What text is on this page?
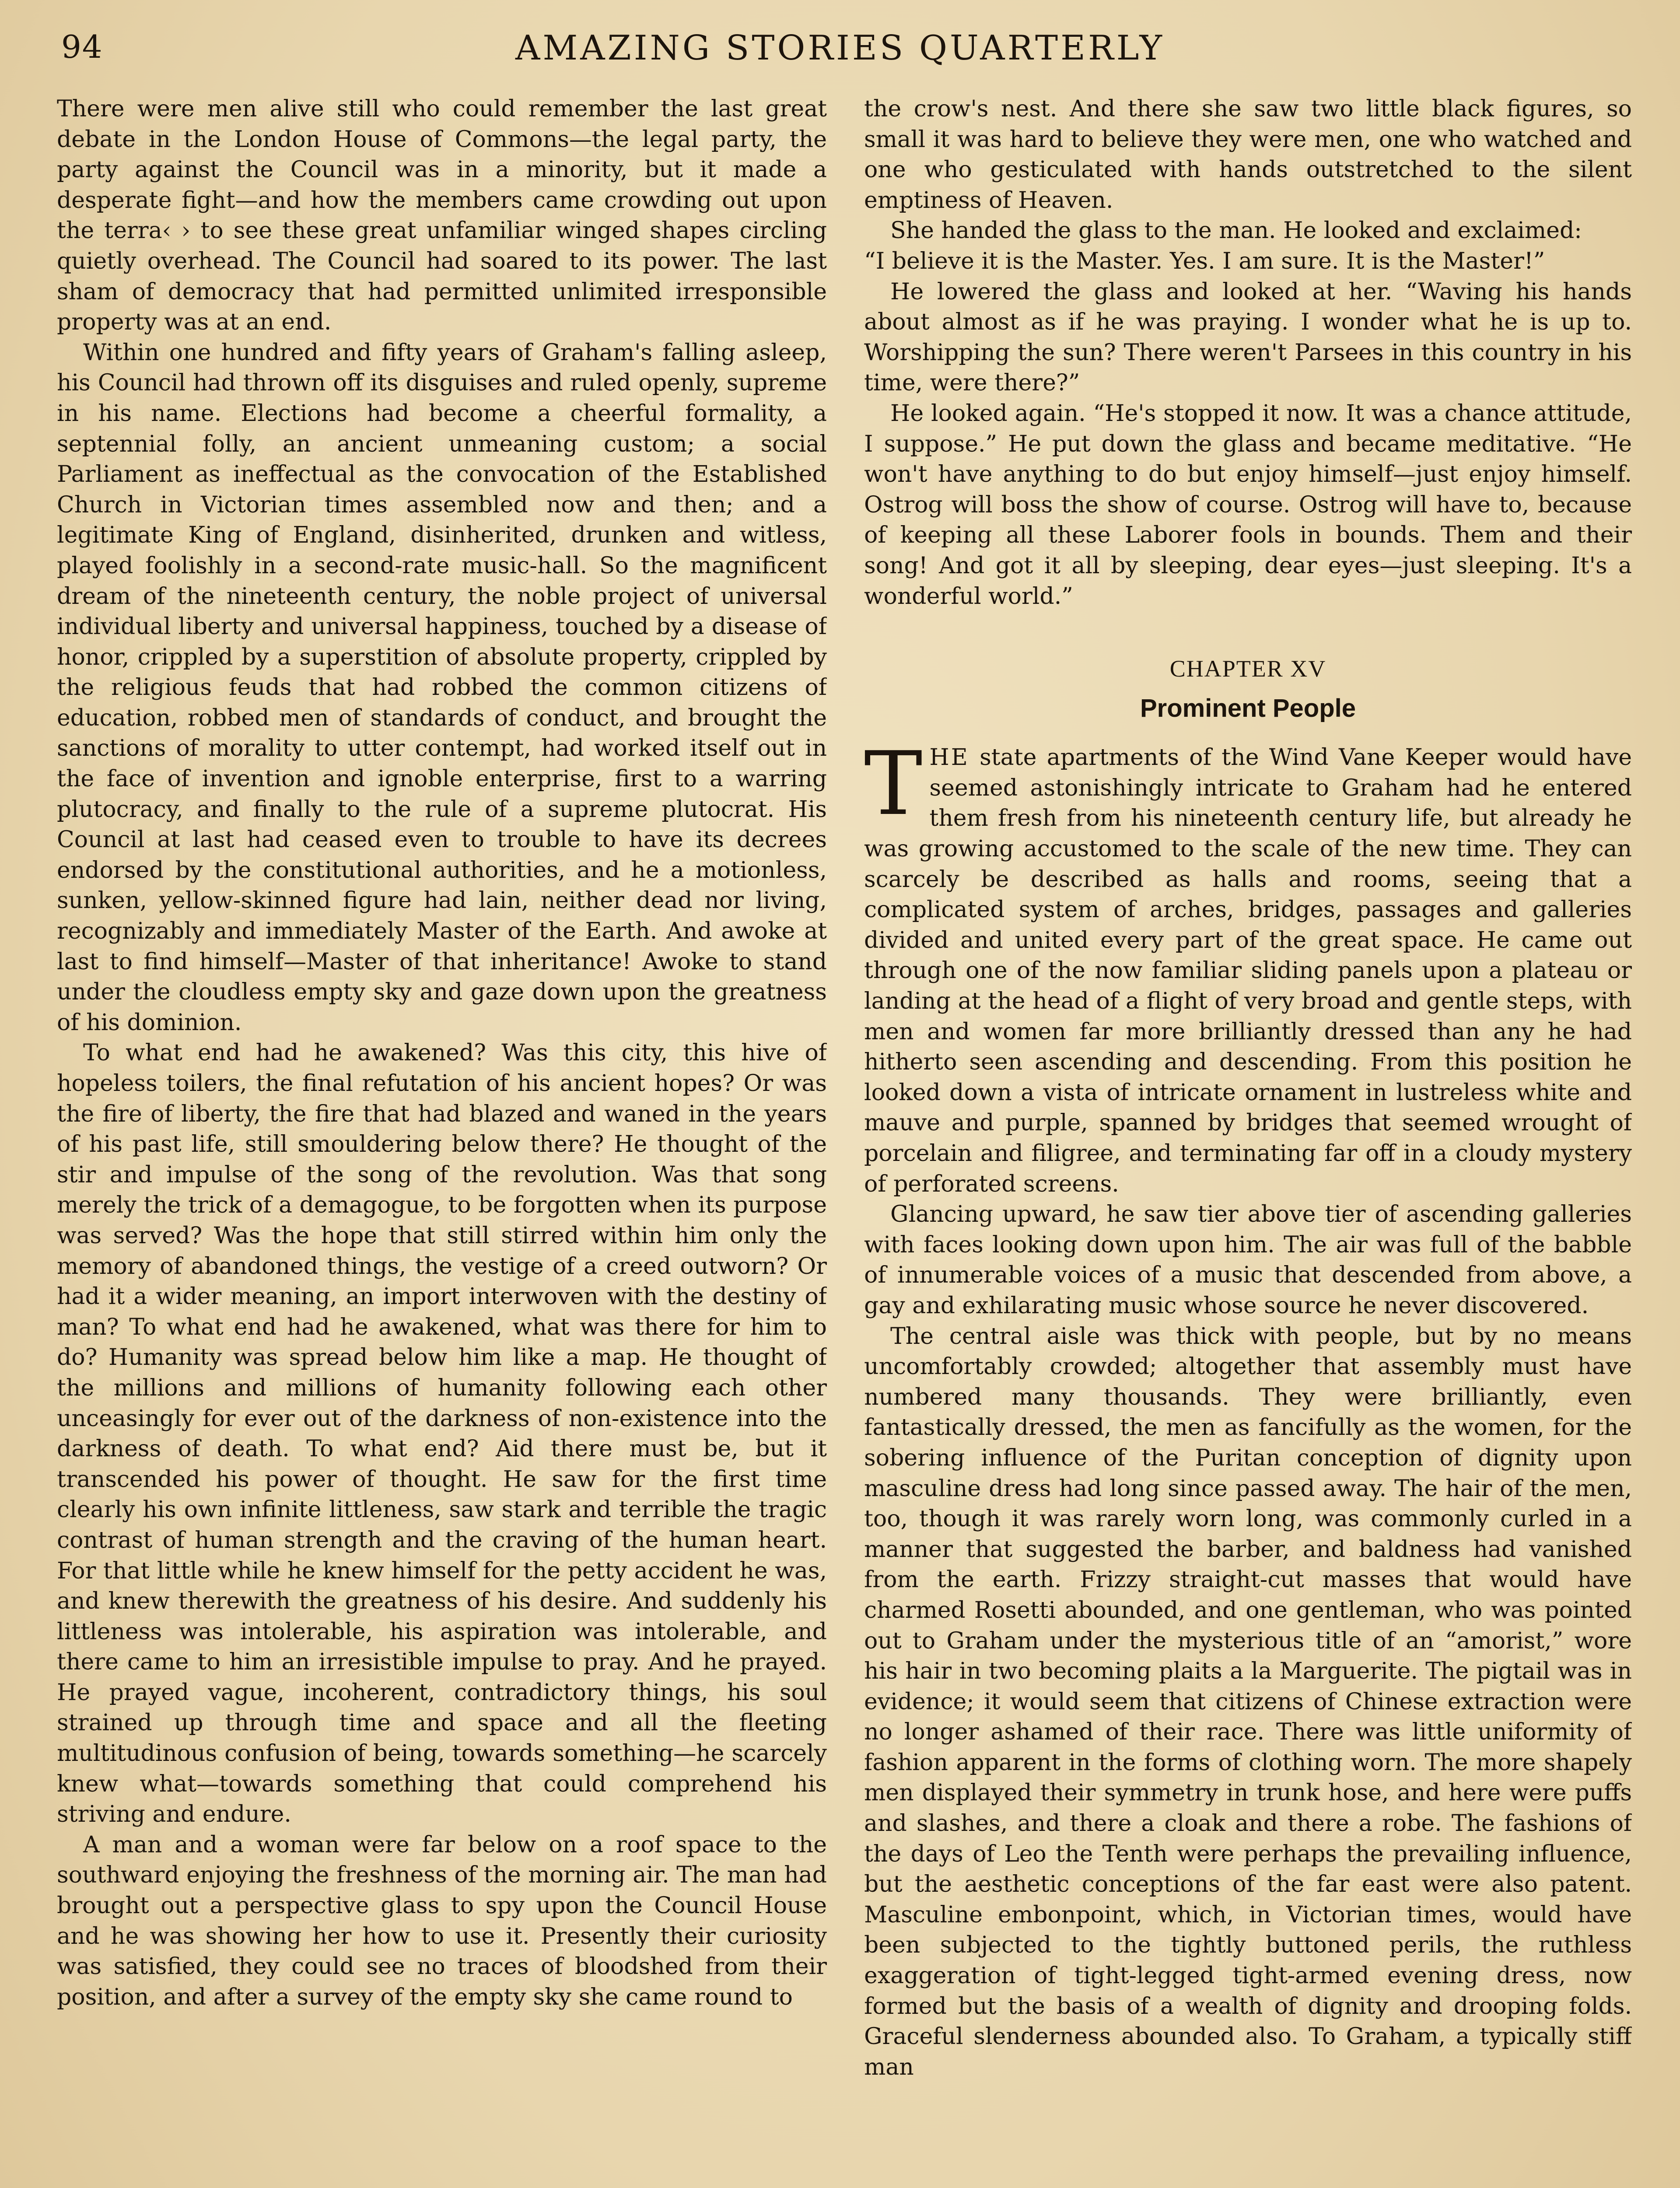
94	AMAZING STORIES QUARTERLY

There were men alive still who could remember the last great debate in the London House of Commons—the legal party, the party against the Council was in a minority, but it made a desperate fight—and how the members came crowding out upon the terra‹ › to see these great unfamiliar winged shapes circling quietly overhead. The Council had soared to its power. The last sham of democracy that had permitted unlimited irresponsible property was at an end.

Within one hundred and fifty years of Graham's falling asleep, his Council had thrown off its disguises and ruled openly, supreme in his name. Elections had become a cheerful formality, a septennial folly, an ancient unmeaning custom; a social Parliament as ineffectual as the convocation of the Established Church in Victorian times assembled now and then; and a legitimate King of England, disinherited, drunken and witless, played foolishly in a second-rate music-hall. So the magnificent dream of the nineteenth century, the noble project of universal individual liberty and universal happiness, touched by a disease of honor, crippled by a superstition of absolute property, crippled by the religious feuds that had robbed the common citizens of education, robbed men of standards of conduct, and brought the sanctions of morality to utter contempt, had worked itself out in the face of invention and ignoble enterprise, first to a warring plutocracy, and finally to the rule of a supreme plutocrat. His Council at last had ceased even to trouble to have its decrees endorsed by the constitutional authorities, and he a motionless, sunken, yellow-skinned figure had lain, neither dead nor living, recognizably and immediately Master of the Earth. And awoke at last to find himself—Master of that inheritance! Awoke to stand under the cloudless empty sky and gaze down upon the greatness of his dominion.

To what end had he awakened? Was this city, this hive of hopeless toilers, the final refutation of his ancient hopes? Or was the fire of liberty, the fire that had blazed and waned in the years of his past life, still smouldering below there? He thought of the stir and impulse of the song of the revolution. Was that song merely the trick of a demagogue, to be forgotten when its purpose was served? Was the hope that still stirred within him only the memory of abandoned things, the vestige of a creed outworn? Or had it a wider meaning, an import interwoven with the destiny of man? To what end had he awakened, what was there for him to do? Humanity was spread below him like a map. He thought of the millions and millions of humanity following each other unceasingly for ever out of the darkness of non-existence into the darkness of death. To what end? Aid there must be, but it transcended his power of thought. He saw for the first time clearly his own infinite littleness, saw stark and terrible the tragic contrast of human strength and the craving of the human heart. For that little while he knew himself for the petty accident he was, and knew therewith the greatness of his desire. And suddenly his littleness was intolerable, his aspiration was intolerable, and there came to him an irresistible impulse to pray. And he prayed. He prayed vague, incoherent, contradictory things, his soul strained up through time and space and all the fleeting multitudinous confusion of being, towards something—he scarcely knew what—towards something that could comprehend his striving and endure.

A man and a woman were far below on a roof space to the southward enjoying the freshness of the morning air. The man had brought out a perspective glass to spy upon the Council House and he was showing her how to use it. Presently their curiosity was satisfied, they could see no traces of bloodshed from their position, and after a survey of the empty sky she came round to

the crow's nest. And there she saw two little black figures, so small it was hard to believe they were men, one who watched and one who gesticulated with hands outstretched to the silent emptiness of Heaven.

She handed the glass to the man. He looked and exclaimed:

“I believe it is the Master. Yes. I am sure. It is the Master!”

He lowered the glass and looked at her. “Waving his hands about almost as if he was praying. I wonder what he is up to. Worshipping the sun? There weren't Parsees in this country in his time, were there?”

He looked again. “He's stopped it now. It was a chance attitude, I suppose.” He put down the glass and became meditative. “He won't have anything to do but enjoy himself—just enjoy himself. Ostrog will boss the show of course. Ostrog will have to, because of keeping all these Laborer fools in bounds. Them and their song! And got it all by sleeping, dear eyes—just sleeping. It's a wonderful world.”

CHAPTER XV
Prominent People

THE state apartments of the Wind Vane Keeper would have seemed astonishingly intricate to Graham had he entered them fresh from his nineteenth century life, but already he was growing accustomed to the scale of the new time. They can scarcely be described as halls and rooms, seeing that a complicated system of arches, bridges, passages and galleries divided and united every part of the great space. He came out through one of the now familiar sliding panels upon a plateau or landing at the head of a flight of very broad and gentle steps, with men and women far more brilliantly dressed than any he had hitherto seen ascending and descending. From this position he looked down a vista of intricate ornament in lustreless white and mauve and purple, spanned by bridges that seemed wrought of porcelain and filigree, and terminating far off in a cloudy mystery of perforated screens.

Glancing upward, he saw tier above tier of ascending galleries with faces looking down upon him. The air was full of the babble of innumerable voices of a music that descended from above, a gay and exhilarating music whose source he never discovered.

The central aisle was thick with people, but by no means uncomfortably crowded; altogether that assembly must have numbered many thousands. They were brilliantly, even fantastically dressed, the men as fancifully as the women, for the sobering influence of the Puritan conception of dignity upon masculine dress had long since passed away. The hair of the men, too, though it was rarely worn long, was commonly curled in a manner that suggested the barber, and baldness had vanished from the earth. Frizzy straight-cut masses that would have charmed Rosetti abounded, and one gentleman, who was pointed out to Graham under the mysterious title of an “amorist,” wore his hair in two becoming plaits a la Marguerite. The pigtail was in evidence; it would seem that citizens of Chinese extraction were no longer ashamed of their race. There was little uniformity of fashion apparent in the forms of clothing worn. The more shapely men displayed their symmetry in trunk hose, and here were puffs and slashes, and there a cloak and there a robe. The fashions of the days of Leo the Tenth were perhaps the prevailing influence, but the aesthetic conceptions of the far east were also patent. Masculine embonpoint, which, in Victorian times, would have been subjected to the tightly buttoned perils, the ruthless exaggeration of tight-legged tight-armed evening dress, now formed but the basis of a wealth of dignity and drooping folds. Graceful slenderness abounded also. To Graham, a typically stiff man
